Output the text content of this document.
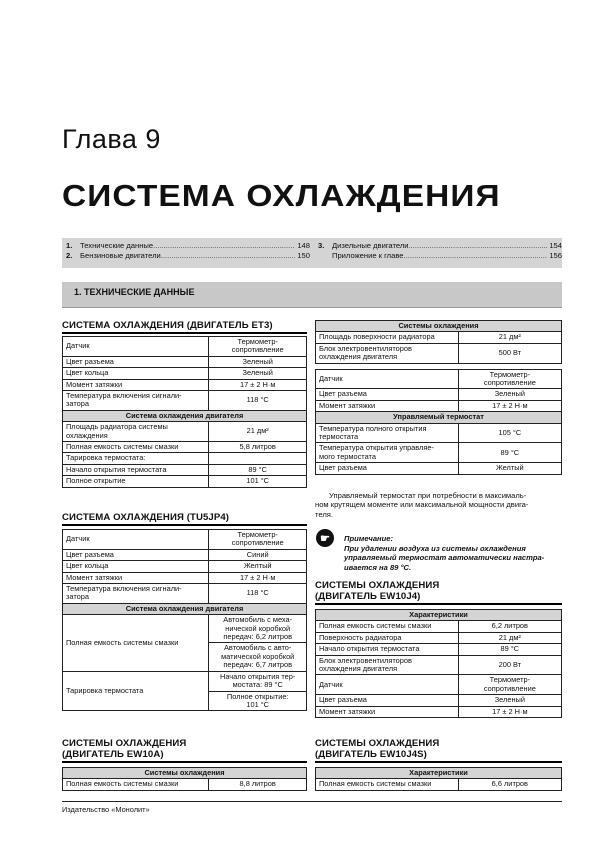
Глава 9
СИСТЕМА ОХЛАЖДЕНИЯ
1.	Технические данные .....	148
2.	Бензиновые двигатели .....	150
3.	Дизельные двигатели .....	154
Приложение к главе .....	156
1. ТЕХНИЧЕСКИЕ ДАННЫЕ
СИСТЕМА ОХЛАЖДЕНИЯ (ДВИГАТЕЛЬ ET3)
Датчик	Термометр-
сопротивление
Цвет разъема	Зеленый
Цвет кольца	Зеленый
Момент затяжки	17 ± 2 Н·м
Температура включения сигнали-
затора	118 °C
Система охлаждения двигателя	
Площадь радиатора системы
охлаждения	21 дм²
Полная емкость системы смазки	5,8 литров
Тарировка термостата:	
Начало открытия термостата	89 °C
Полное открытие	101 °C
СИСТЕМА ОХЛАЖДЕНИЯ (TU5JP4)
Датчик	Термометр-
сопротивление
Цвет разъема	Синий
Цвет кольца	Желтый
Момент затяжки	17 ± 2 Н·м
Температура включения сигнали-
затора	118 °C
Система охлаждения двигателя	
Полная емкость системы смазки	Автомобиль с меха-
нической коробкой
передач: 6,2 литров
	Автомобиль с авто-
матической коробкой
передач: 6,7 литров
Тарировка термостата	Начало открытия тер-
мостата: 89 °C
	Полное открытие:
101 °C
СИСТЕМЫ ОХЛАЖДЕНИЯ
(ДВИГАТЕЛЬ EW10A)
Системы охлаждения
Полная емкость системы смазки	8,8 литров
Системы охлаждения	
Площадь поверхности радиатора	21 дм²
Блок электровентиляторов
охлаждения двигателя	500 Вт

Датчик	Термометр-
сопротивление
Цвет разъема	Зеленый
Момент затяжки	17 ± 2 Н·м
Управляемый термостат	
Температура полного открытия
термостата	105 °C
Температура открытия управляе-
мого термостата	89 °C
Цвет разъема	Желтый
Управляемый термостат при потребности в максималь-
ном крутящем моменте или максимальной мощности двига-
теля.
☛	Примечание:

При удалении воздуха из системы охлаждения
управляемый термостат автоматически настра-
ивается на 89 °C.

СИСТЕМЫ ОХЛАЖДЕНИЯ
(ДВИГАТЕЛЬ EW10J4)
Характеристики	
Полная емкость системы смазки	6,2 литров
Поверхность радиатора	21 дм²
Начало открытия термостата	89 °C
Блок электровентиляторов
охлаждения двигателя	200 Вт
Датчик	Термометр-
сопротивление
Цвет разъема	Зеленый
Момент затяжки	17 ± 2 Н·м
СИСТЕМЫ ОХЛАЖДЕНИЯ
(ДВИГАТЕЛЬ EW10J4S)
Характеристики
Полная емкость системы смазки	6,6 литров
Издательство «Монолит»
